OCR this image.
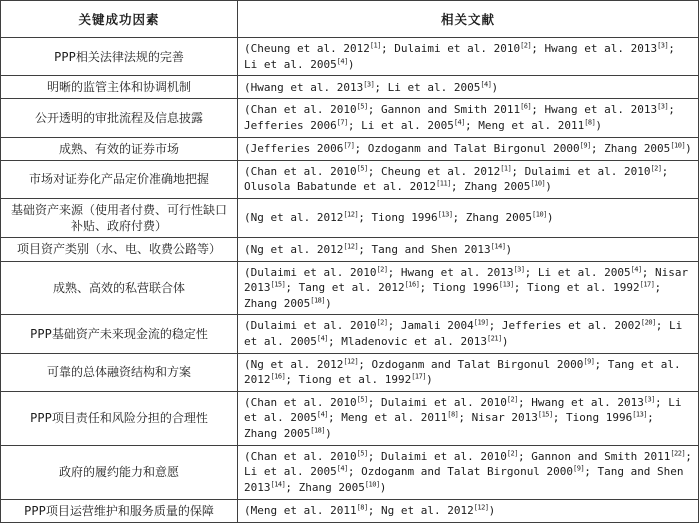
关键成功因素	相关文献
PPP相关法律法规的完善	(Cheung et al. 2012[1]; Dulaimi et al. 2010[2]; Hwang et al. 2013[3]; Li et al. 2005[4])
明晰的监管主体和协调机制	(Hwang et al. 2013[3]; Li et al. 2005[4])
公开透明的审批流程及信息披露	(Chan et al. 2010[5]; Gannon and Smith 2011[6]; Hwang et al. 2013[3]; Jefferies 2006[7]; Li et al. 2005[4]; Meng et al. 2011[8])
成熟、有效的证券市场	(Jefferies 2006[7]; Ozdoganm and Talat Birgonul 2000[9]; Zhang 2005[10])
市场对证券化产品定价准确地把握	(Chan et al. 2010[5]; Cheung et al. 2012[1]; Dulaimi et al. 2010[2]; Olusola Babatunde et al. 2012[11]; Zhang 2005[10])
基础资产来源（使用者付费、可行性缺口补贴、政府付费）	(Ng et al. 2012[12]; Tiong 1996[13]; Zhang 2005[10])
项目资产类别（水、电、收费公路等）	(Ng et al. 2012[12]; Tang and Shen 2013[14])
成熟、高效的私营联合体	(Dulaimi et al. 2010[2]; Hwang et al. 2013[3]; Li et al. 2005[4]; Nisar 2013[15]; Tang et al. 2012[16]; Tiong 1996[13]; Tiong et al. 1992[17]; Zhang 2005[18])
PPP基础资产未来现金流的稳定性	(Dulaimi et al. 2010[2]; Jamali 2004[19]; Jefferies et al. 2002[20]; Li et al. 2005[4]; Mladenovic et al. 2013[21])
可靠的总体融资结构和方案	(Ng et al. 2012[12]; Ozdoganm and Talat Birgonul 2000[9]; Tang et al. 2012[16]; Tiong et al. 1992[17])
PPP项目责任和风险分担的合理性	(Chan et al. 2010[5]; Dulaimi et al. 2010[2]; Hwang et al. 2013[3]; Li et al. 2005[4]; Meng et al. 2011[8]; Nisar 2013[15]; Tiong 1996[13]; Zhang 2005[18])
政府的履约能力和意愿	(Chan et al. 2010[5]; Dulaimi et al. 2010[2]; Gannon and Smith 2011[22]; Li et al. 2005[4]; Ozdoganm and Talat Birgonul 2000[9]; Tang and Shen 2013[14]; Zhang 2005[10])
PPP项目运营维护和服务质量的保障	(Meng et al. 2011[8]; Ng et al. 2012[12])
